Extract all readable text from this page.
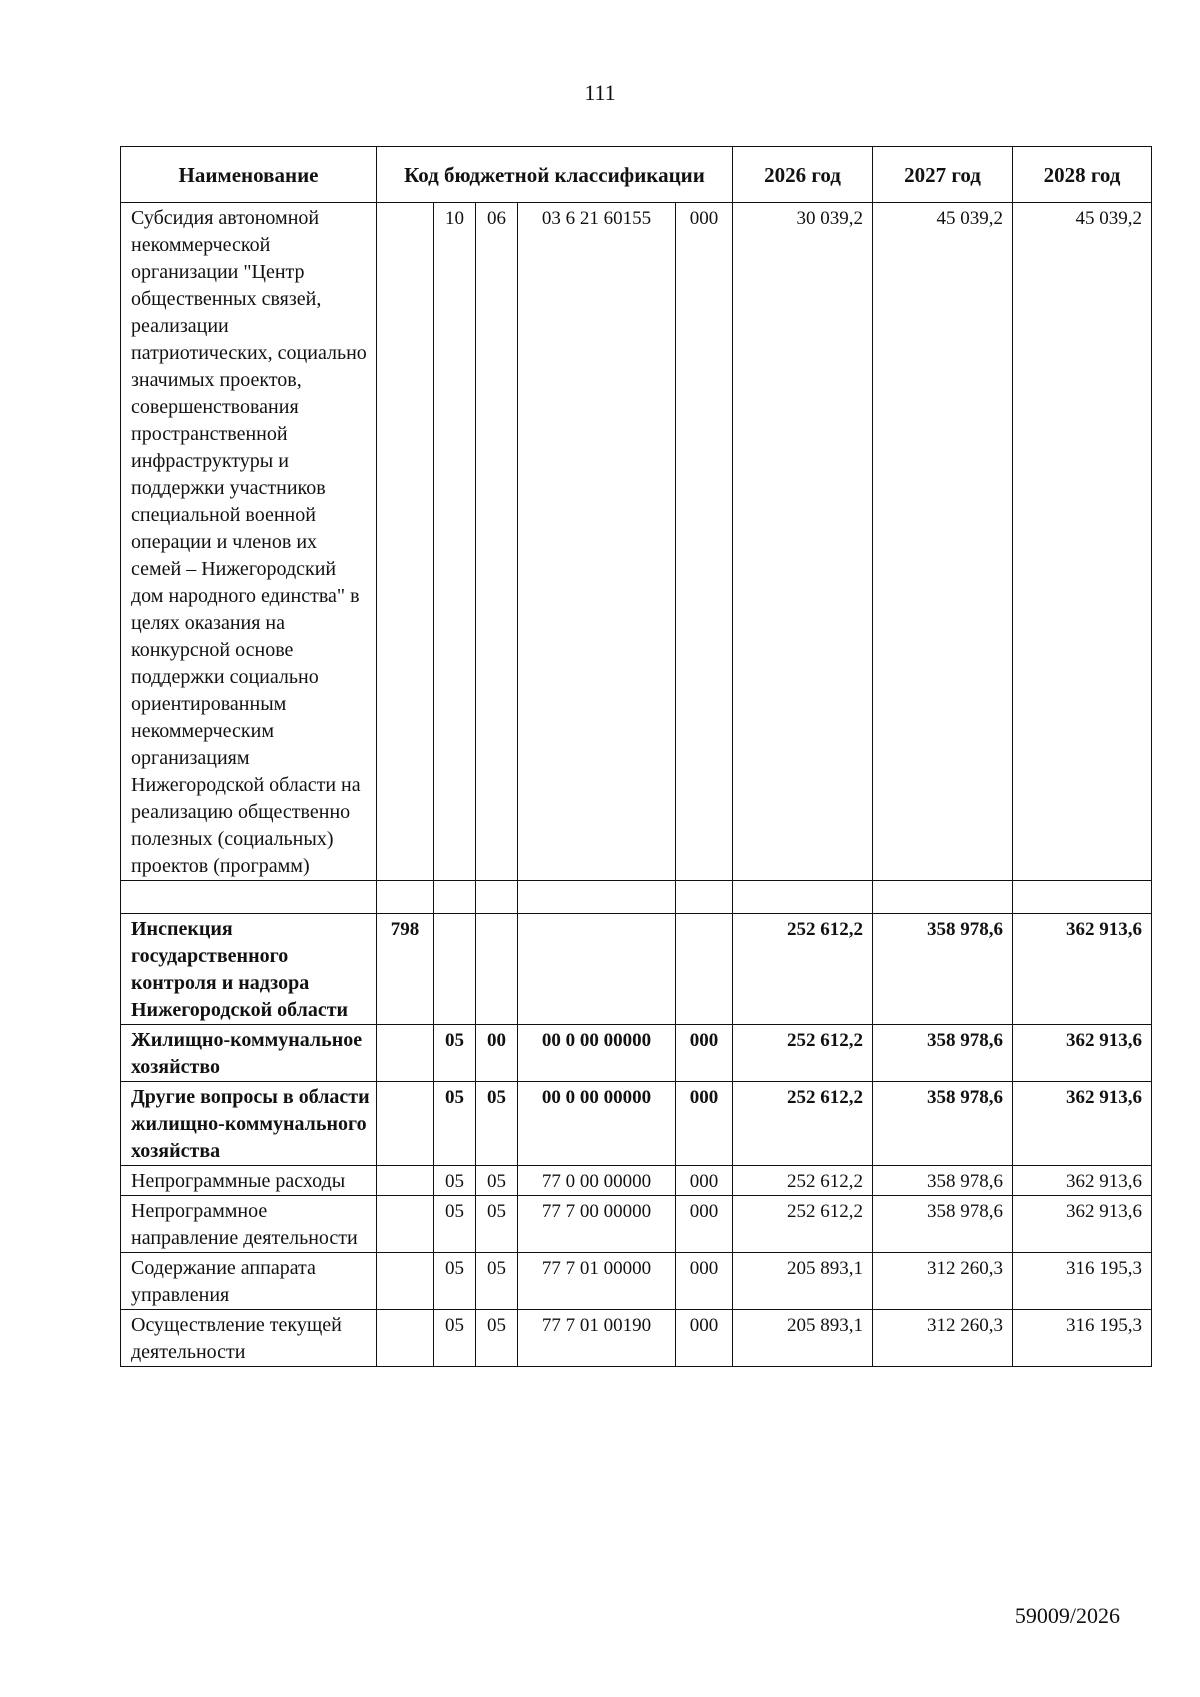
111
Наименование	Код бюджетной классификации					2026 год	2027 год	2028 год
Субсидия автономной некоммерческой организации "Центр общественных связей, реализации патриотических, социально значимых проектов, совершенствования пространственной инфраструктуры и поддержки участников специальной военной операции и членов их семей – Нижегородский дом народного единства" в целях оказания на конкурсной основе поддержки социально ориентированным некоммерческим организациям Нижегородской области на реализацию общественно полезных (социальных) проектов (программ)		10	06	03 6 21 60155	000	30 039,2	45 039,2	45 039,2

Инспекция государственного контроля и надзора Нижегородской области	798					252 612,2	358 978,6	362 913,6
Жилищно-коммунальное хозяйство		05	00	00 0 00 00000	000	252 612,2	358 978,6	362 913,6
Другие вопросы в области жилищно-коммунального хозяйства		05	05	00 0 00 00000	000	252 612,2	358 978,6	362 913,6
Непрограммные расходы		05	05	77 0 00 00000	000	252 612,2	358 978,6	362 913,6
Непрограммное направление деятельности		05	05	77 7 00 00000	000	252 612,2	358 978,6	362 913,6
Содержание аппарата управления		05	05	77 7 01 00000	000	205 893,1	312 260,3	316 195,3
Осуществление текущей деятельности		05	05	77 7 01 00190	000	205 893,1	312 260,3	316 195,3
59009/2026
